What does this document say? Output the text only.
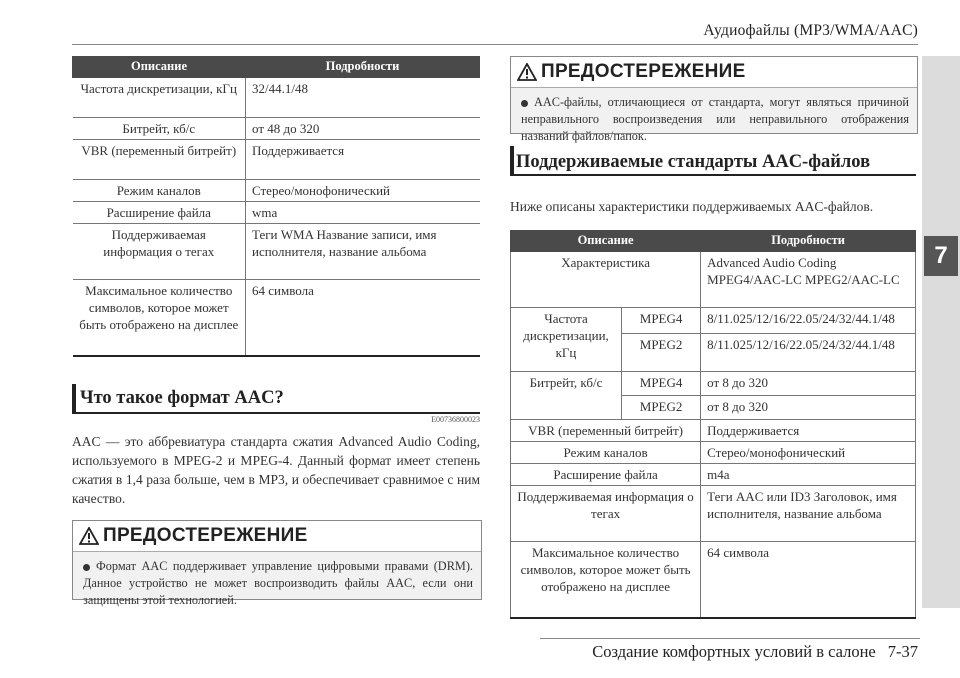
Аудиофайлы (MP3/WMA/AAC)
7
Описание	Подробности
Частота дискретизации, кГц	32/44.1/48
Битрейт, кб/с	от 48 до 320
VBR (переменный битрейт)	Поддерживается
Режим каналов	Стерео/монофонический
Расширение файла	wma
Поддерживаемая информация о тегах	Теги WMA Название записи, имя исполнителя, название альбома
Максимальное количество символов, которое может быть отображено на дисплее	64 символа
Что такое формат AAC?
E00736800023
AAC — это аббревиатура стандарта сжатия Advanced Audio Coding, используемого в MPEG-2 и MPEG-4. Данный формат имеет степень сжатия в 1,4 раза больше, чем в MP3, и обеспечивает сравнимое с ним качество.
ПРЕДОСТЕРЕЖЕНИЕ
Формат AAC поддерживает управление цифровыми правами (DRM). Данное устройство не может воспроизводить файлы AAC, если они защищены этой технологией.
ПРЕДОСТЕРЕЖЕНИЕ
AAC-файлы, отличающиеся от стандарта, могут являться причиной неправильного воспроизведения или неправильного отображения названий файлов/папок.
Поддерживаемые стандарты AAC-файлов
Ниже описаны характеристики поддерживаемых AAC-файлов.
Описание		Подробности
Характеристика		Advanced Audio Coding MPEG4/AAC-LC MPEG2/AAC-LC
Частота дискретизации, кГц	MPEG4	8/11.025/12/16/22.05/24/32/44.1/48
	MPEG2	8/11.025/12/16/22.05/24/32/44.1/48
Битрейт, кб/с	MPEG4	от 8 до 320
	MPEG2	от 8 до 320
VBR (переменный битрейт)		Поддерживается
Режим каналов		Стерео/монофонический
Расширение файла		m4a
Поддерживаемая информация о тегах		Теги AAC или ID3 Заголовок, имя исполнителя, название альбома
Максимальное количество символов, которое может быть отображено на дисплее		64 символа
Создание комфортных условий в салоне 7-37
